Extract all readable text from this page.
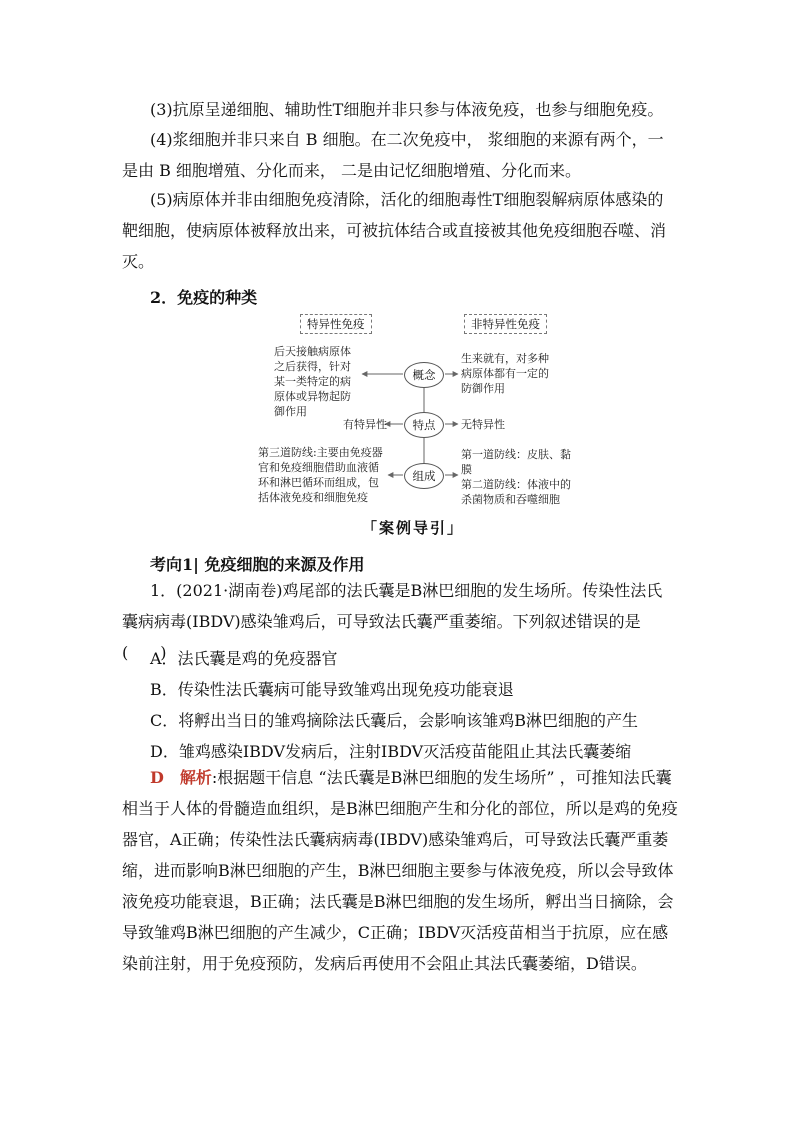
(3)抗原呈递细胞、辅助性T细胞并非只参与体液免疫，也参与细胞免疫。

(4)浆细胞并非只来自 B 细胞。在二次免疫中， 浆细胞的来源有两个，一

是由 B 细胞增殖、分化而来， 二是由记忆细胞增殖、分化而来。

(5)病原体并非由细胞免疫清除，活化的细胞毒性T细胞裂解病原体感染的靶细胞，使病原体被释放出来，可被抗体结合或直接被其他免疫细胞吞噬、消灭。

2．免疫的种类

特异性免疫	非特异性免疫
概念
特点
组成
后天接触病原体之后获得，针对某一类特定的病原体或异物起防御作用
有特异性
第三道防线:主要由免疫器官和免疫细胞借助血液循环和淋巴循环而组成，包括体液免疫和细胞免疫
生来就有，对多种病原体都有一定的防御作用
无特异性
第一道防线：皮肤、黏膜
第二道防线：体液中的杀菌物质和吞噬细胞
「案例导引」

考向1| 免疫细胞的来源及作用

1．(2021·湖南卷)鸡尾部的法氏囊是B淋巴细胞的发生场所。传染性法氏囊病病毒(IBDV)感染雏鸡后，可导致法氏囊严重萎缩。下列叙述错误的是(　　)

A．法氏囊是鸡的免疫器官

B．传染性法氏囊病可能导致雏鸡出现免疫功能衰退

C．将孵出当日的雏鸡摘除法氏囊后，会影响该雏鸡B淋巴细胞的产生

D．雏鸡感染IBDV发病后，注射IBDV灭活疫苗能阻止其法氏囊萎缩

D　 解析:根据题干信息 “法氏囊是B淋巴细胞的发生场所” ，可推知法氏囊相当于人体的骨髓造血组织，是B淋巴细胞产生和分化的部位，所以是鸡的免疫器官，A正确；传染性法氏囊病病毒(IBDV)感染雏鸡后，可导致法氏囊严重萎缩，进而影响B淋巴细胞的产生，B淋巴细胞主要参与体液免疫，所以会导致体液免疫功能衰退，B正确；法氏囊是B淋巴细胞的发生场所，孵出当日摘除，会导致雏鸡B淋巴细胞的产生减少，C正确；IBDV灭活疫苗相当于抗原，应在感染前注射，用于免疫预防，发病后再使用不会阻止其法氏囊萎缩，D错误。
